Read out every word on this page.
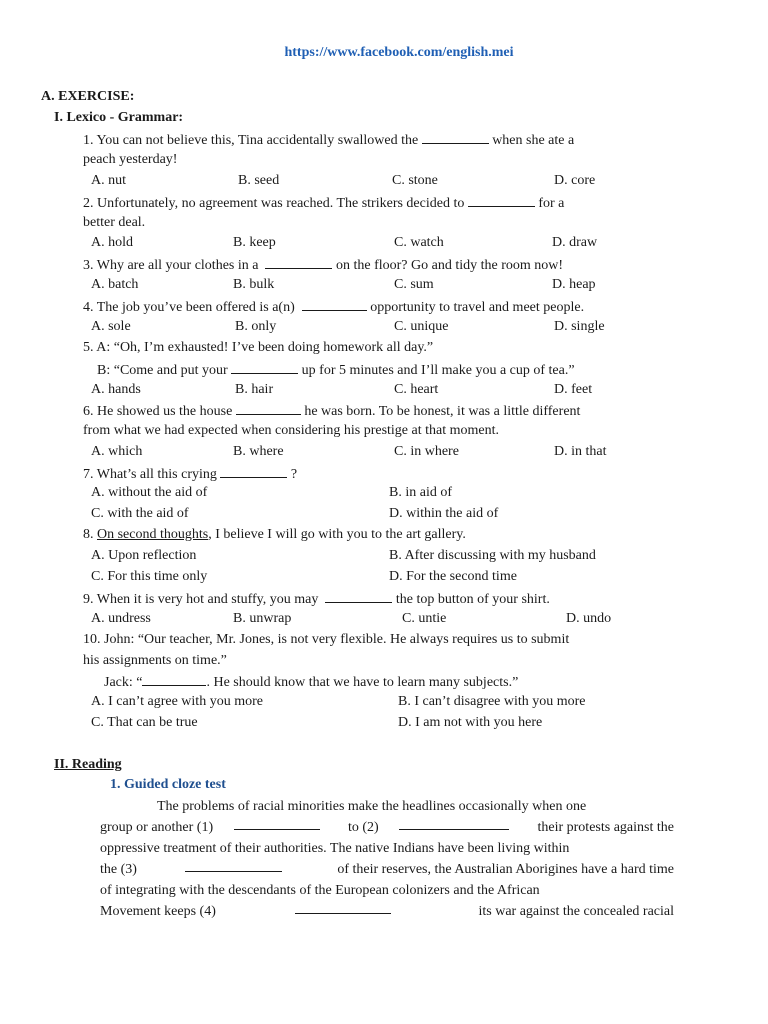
https://www.facebook.com/english.mei
A. EXERCISE:
I. Lexico - Grammar:
1. You can not believe this, Tina accidentally swallowed the	when she ate a
peach yesterday!
A. nut	B. seed	C. stone	D. core
2. Unfortunately, no agreement was reached. The strikers decided to	for a
better deal.
A. hold	B. keep	C. watch	D. draw
3. Why are all your clothes in a	on the floor? Go and tidy the room now!
A. batch	B. bulk	C. sum	D. heap
4. The job you’ve been offered is a(n)	opportunity to travel and meet people.
A. sole	B. only	C. unique	D. single
5. A: “Oh, I’m exhausted! I’ve been doing homework all day.”
B: “Come and put your	up for 5 minutes and I’ll make you a cup of tea.”
A. hands	B. hair	C. heart	D. feet
6. He showed us the house	he was born. To be honest, it was a little different
from what we had expected when considering his prestige at that moment.
A. which	B. where	C. in where	D. in that
7. What’s all this crying	?
A. without the aid of	B. in aid of
C. with the aid of	D. within the aid of
8. On second thoughts, I believe I will go with you to the art gallery.
A. Upon reflection	B. After discussing with my husband
C. For this time only	D. For the second time
9. When it is very hot and stuffy, you may	the top button of your shirt.
A. undress	B. unwrap	C. untie	D. undo
10. John: “Our teacher, Mr. Jones, is not very flexible. He always requires us to submit
his assignments on time.”
Jack: “	. He should know that we have to learn many subjects.”
A. I can’t agree with you more	B. I can’t disagree with you more
C. That can be true	D. I am not with you here
II. Reading
1. Guided cloze test
The problems of racial minorities make the headlines occasionally when one
group or another (1)	to (2)	their protests against the
oppressive treatment of their authorities. The native Indians have been living within
the (3)	of their reserves, the Australian Aborigines have a hard time
of integrating with the descendants of the European colonizers and the African
Movement keeps (4)	its war against the concealed racial
